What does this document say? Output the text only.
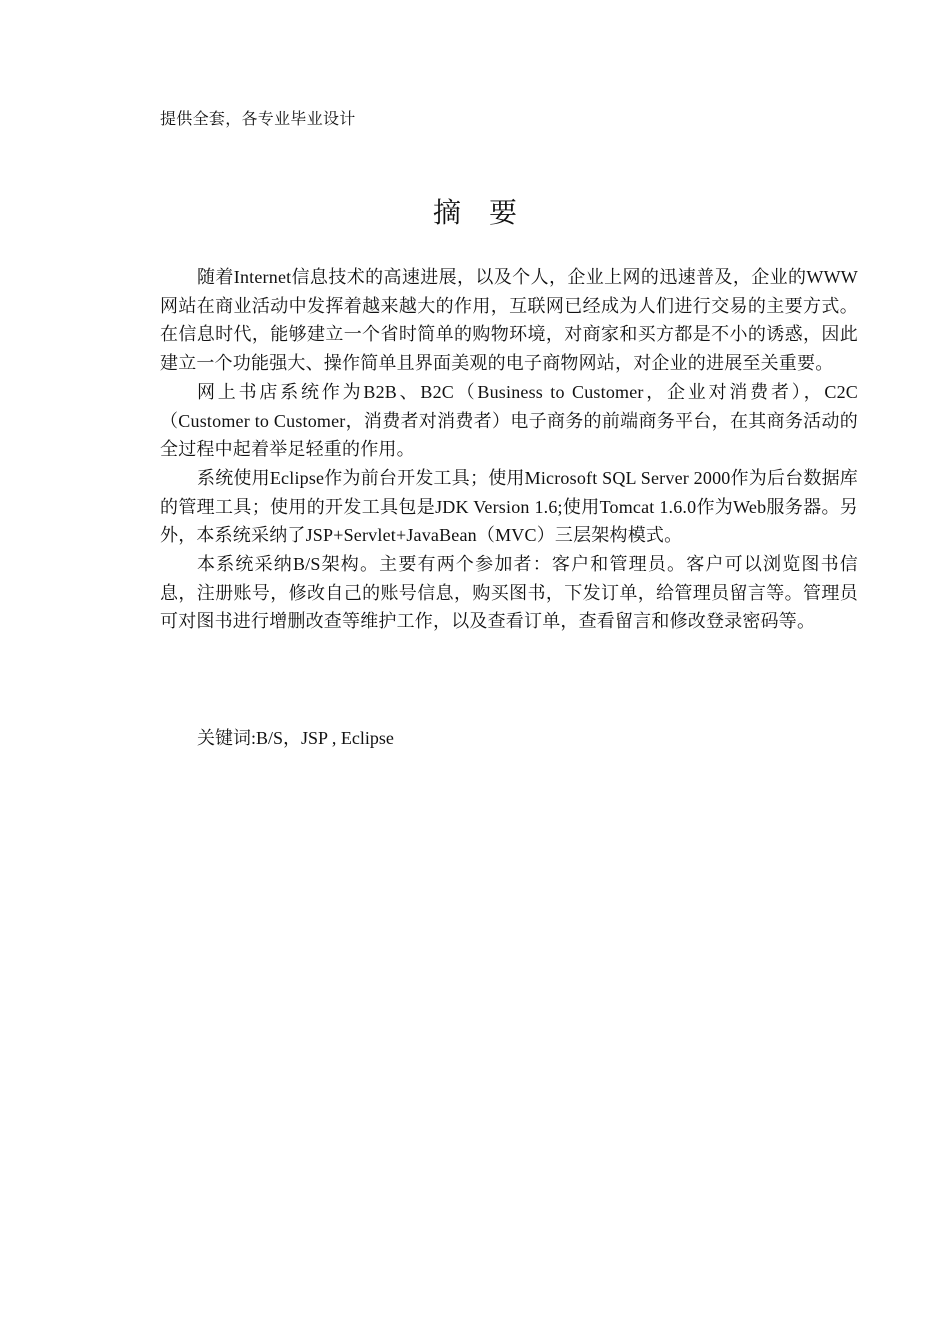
提供全套，各专业毕业设计
摘要

随着Internet信息技术的高速进展，以及个人，企业上网的迅速普及，企业的WWW网站在商业活动中发挥着越来越大的作用，互联网已经成为人们进行交易的主要方式。在信息时代，能够建立一个省时简单的购物环境，对商家和买方都是不小的诱惑，因此建立一个功能强大、操作简单且界面美观的电子商物网站，对企业的进展至关重要。

网上书店系统作为B2B、B2C（Business to Customer，企业对消费者），C2C（Customer to Customer，消费者对消费者）电子商务的前端商务平台，在其商务活动的全过程中起着举足轻重的作用。

系统使用Eclipse作为前台开发工具；使用Microsoft SQL Server 2000作为后台数据库的管理工具；使用的开发工具包是JDK Version 1.6;使用Tomcat 1.6.0作为Web服务器。另外，本系统采纳了JSP+Servlet+JavaBean（MVC）三层架构模式。

本系统采纳B/S架构。主要有两个参加者：客户和管理员。客户可以浏览图书信息，注册账号，修改自己的账号信息，购买图书，下发订单，给管理员留言等。管理员可对图书进行增删改查等维护工作，以及查看订单，查看留言和修改登录密码等。

关键词:B/S，JSP , Eclipse
